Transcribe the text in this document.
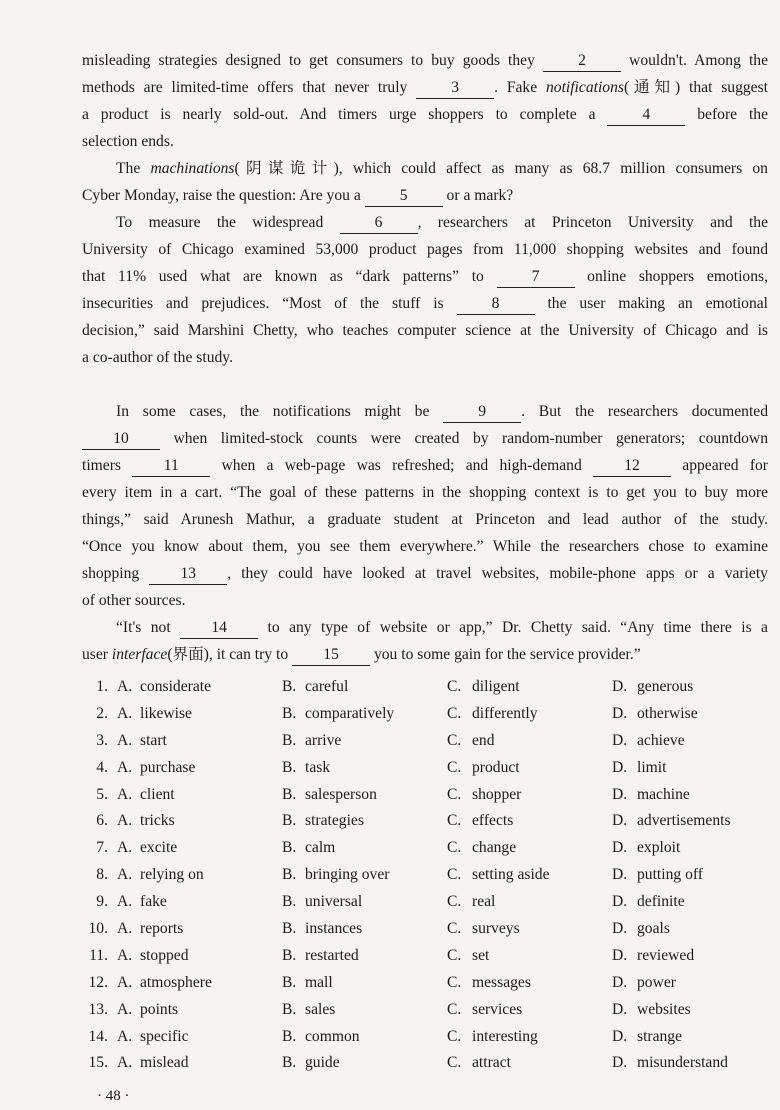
misleading strategies designed to get consumers to buy goods they 2 wouldn't. Among the
methods are limited-time offers that never truly 3 . Fake notifications(通知) that suggest
a product is nearly sold-out. And timers urge shoppers to complete a 4 before the
selection ends.
The machinations(阴谋诡计), which could affect as many as 68.7 million consumers on
Cyber Monday, raise the question: Are you a 5 or a mark?
To measure the widespread 6 , researchers at Princeton University and the
University of Chicago examined 53,000 product pages from 11,000 shopping websites and found
that 11% used what are known as “dark patterns” to 7 online shoppers emotions,
insecurities and prejudices. “Most of the stuff is 8 the user making an emotional
decision,” said Marshini Chetty, who teaches computer science at the University of Chicago and is
a co-author of the study.
In some cases, the notifications might be 9 . But the researchers documented
10 when limited-stock counts were created by random-number generators; countdown
timers 11 when a web-page was refreshed; and high-demand 12 appeared for
every item in a cart. “The goal of these patterns in the shopping context is to get you to buy more
things,” said Arunesh Mathur, a graduate student at Princeton and lead author of the study.
“Once you know about them, you see them everywhere.” While the researchers chose to examine
shopping 13 , they could have looked at travel websites, mobile-phone apps or a variety
of other sources.
“It's not 14 to any type of website or app,” Dr. Chetty said. “Any time there is a
user interface(界面), it can try to 15 you to some gain for the service provider.”
1. A. considerate	B. careful	C. diligent	D. generous
2. A. likewise	B. comparatively	C. differently	D. otherwise
3. A. start	B. arrive	C. end	D. achieve
4. A. purchase	B. task	C. product	D. limit
5. A. client	B. salesperson	C. shopper	D. machine
6. A. tricks	B. strategies	C. effects	D. advertisements
7. A. excite	B. calm	C. change	D. exploit
8. A. relying on	B. bringing over	C. setting aside	D. putting off
9. A. fake	B. universal	C. real	D. definite
10. A. reports	B. instances	C. surveys	D. goals
11. A. stopped	B. restarted	C. set	D. reviewed
12. A. atmosphere	B. mall	C. messages	D. power
13. A. points	B. sales	C. services	D. websites
14. A. specific	B. common	C. interesting	D. strange
15. A. mislead	B. guide	C. attract	D. misunderstand
· 48 ·
